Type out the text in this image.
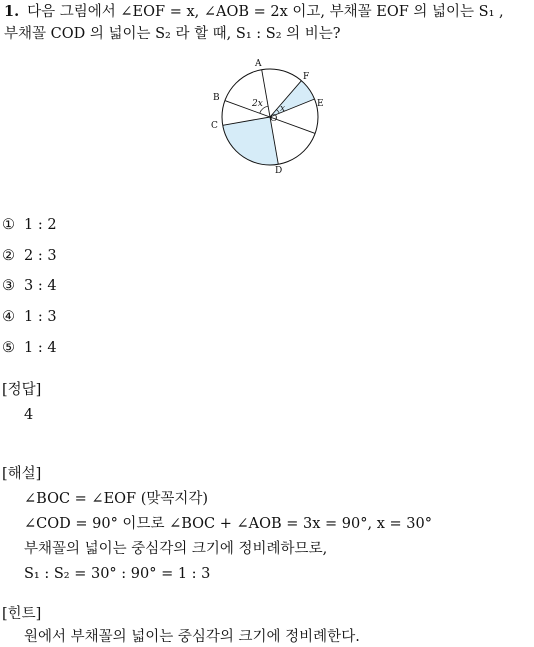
1. 다음 그림에서 ∠EOF = x, ∠AOB = 2x 이고, 부채꼴 EOF 의 넓이는 S₁ ,
부채꼴 COD 의 넓이는 S₂ 라 할 때, S₁ : S₂ 의 비는?
A
B
C
D
E
F
O
2x x
① 1 : 2
② 2 : 3
③ 3 : 4
④ 1 : 3
⑤ 1 : 4
[정답]
4
[해설]
∠BOC = ∠EOF (맞꼭지각)
∠COD = 90° 이므로 ∠BOC + ∠AOB = 3x = 90°, x = 30°
부채꼴의 넓이는 중심각의 크기에 정비례하므로,
S₁ : S₂ = 30° : 90° = 1 : 3
[힌트]
원에서 부채꼴의 넓이는 중심각의 크기에 정비례한다.
